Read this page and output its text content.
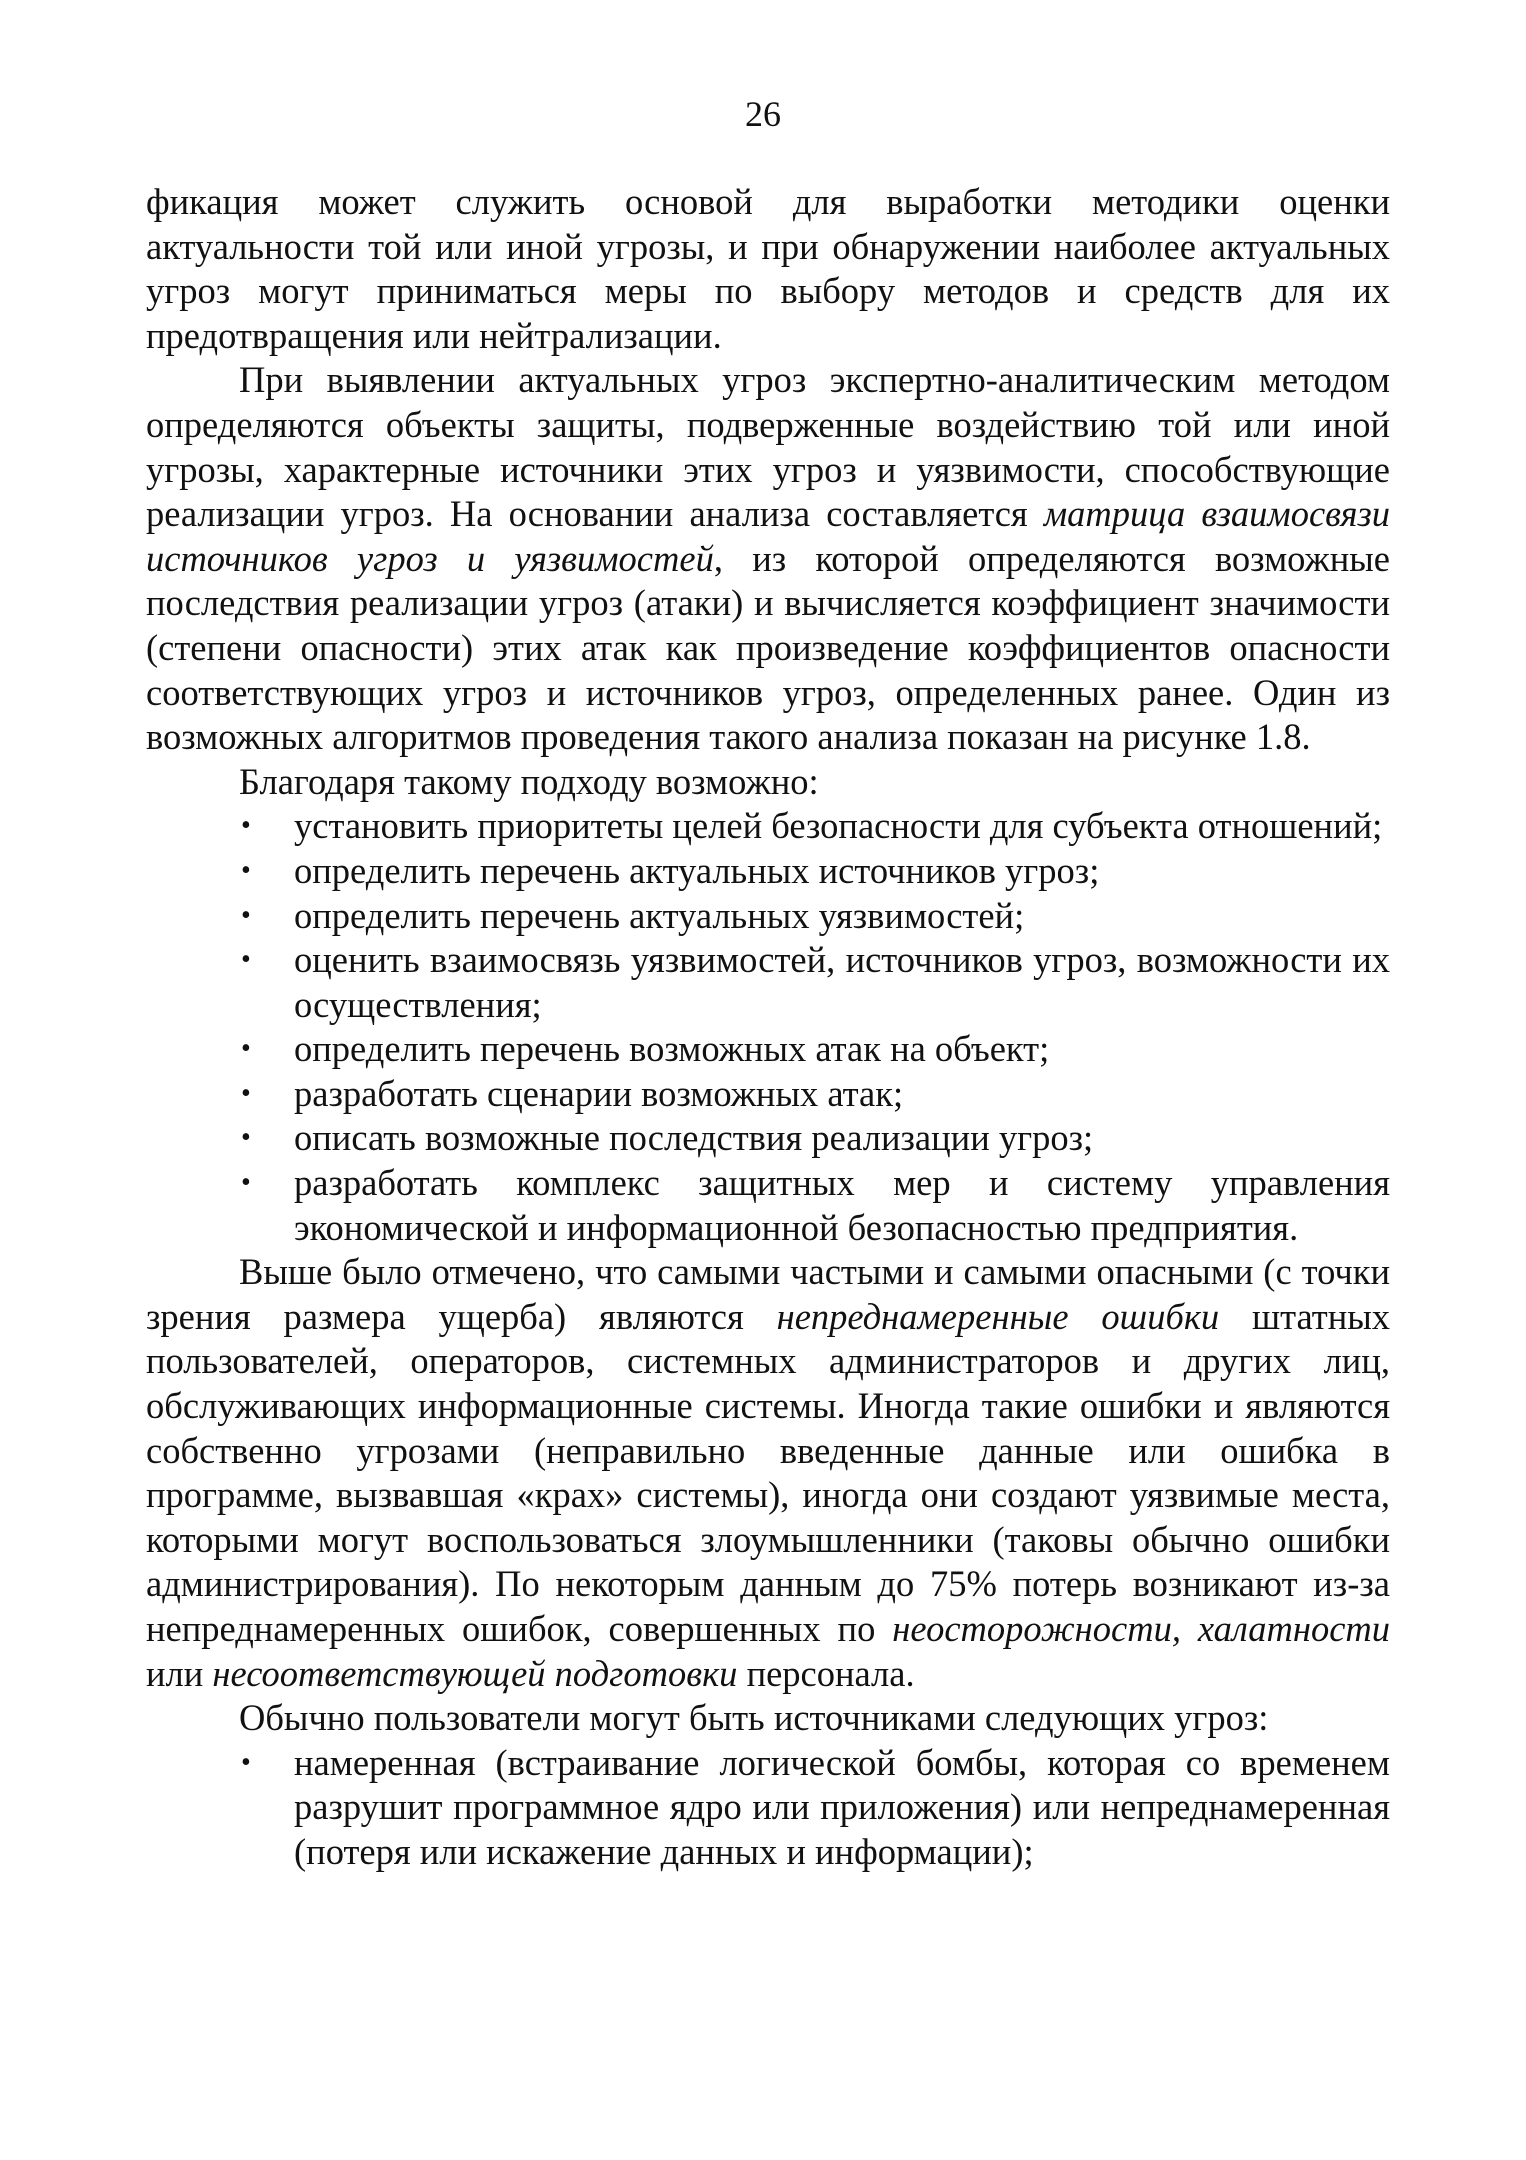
26

фикация может служить основой для выработки методики оценки актуальности той или иной угрозы, и при обнаружении наиболее актуальных угроз могут приниматься меры по выбору методов и средств для их предотвращения или нейтрализации.

При выявлении актуальных угроз экспертно-аналитическим методом определяются объекты защиты, подверженные воздействию той или иной угрозы, характерные источники этих угроз и уязвимости, способствующие реализации угроз. На основании анализа составляется матрица взаимосвязи источников угроз и уязвимостей, из которой определяются возможные последствия реализации угроз (атаки) и вычисляется коэффициент значимости (степени опасности) этих атак как произведение коэффициентов опасности соответствующих угроз и источников угроз, определенных ранее. Один из возможных алгоритмов проведения такого анализа показан на рисунке 1.8.

Благодаря такому подходу возможно:

• установить приоритеты целей безопасности для субъекта отношений;
• определить перечень актуальных источников угроз;
• определить перечень актуальных уязвимостей;
• оценить взаимосвязь уязвимостей, источников угроз, возможности их осуществления;
• определить перечень возможных атак на объект;
• разработать сценарии возможных атак;
• описать возможные последствия реализации угроз;
• разработать комплекс защитных мер и систему управления экономической и информационной безопасностью предприятия.

Выше было отмечено, что самыми частыми и самыми опасными (с точки зрения размера ущерба) являются непреднамеренные ошибки штатных пользователей, операторов, системных администраторов и других лиц, обслуживающих информационные системы. Иногда такие ошибки и являются собственно угрозами (неправильно введенные данные или ошибка в программе, вызвавшая «крах» системы), иногда они создают уязвимые места, которыми могут воспользоваться злоумышленники (таковы обычно ошибки администрирования). По некоторым данным до 75% потерь возникают из-за непреднамеренных ошибок, совершенных по неосторожности, халатности или несоответствующей подготовки персонала.

Обычно пользователи могут быть источниками следующих угроз:

• намеренная (встраивание логической бомбы, которая со временем разрушит программное ядро или приложения) или непреднамеренная (потеря или искажение данных и информации);
